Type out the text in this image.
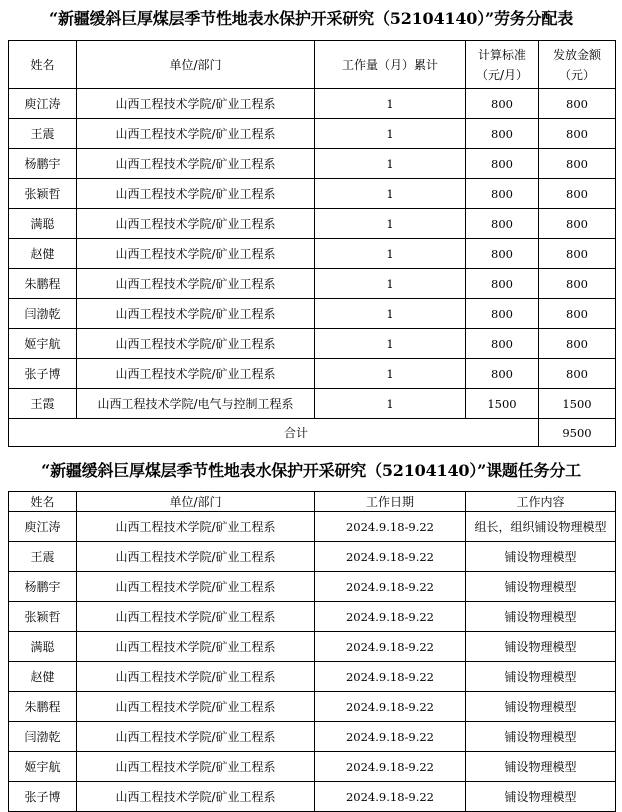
“新疆缓斜巨厚煤层季节性地表水保护开采研究（52104140）”劳务分配表
姓名	单位/部门	工作量（月）累计	计算标准（元/月）	发放金额（元）
庾江涛	山西工程技术学院/矿业工程系	1	800	800
王震	山西工程技术学院/矿业工程系	1	800	800
杨鹏宇	山西工程技术学院/矿业工程系	1	800	800
张颖哲	山西工程技术学院/矿业工程系	1	800	800
满聪	山西工程技术学院/矿业工程系	1	800	800
赵健	山西工程技术学院/矿业工程系	1	800	800
朱鹏程	山西工程技术学院/矿业工程系	1	800	800
闫渤乾	山西工程技术学院/矿业工程系	1	800	800
姬宇航	山西工程技术学院/矿业工程系	1	800	800
张子博	山西工程技术学院/矿业工程系	1	800	800
王霞	山西工程技术学院/电气与控制工程系	1	1500	1500
合计				9500
“新疆缓斜巨厚煤层季节性地表水保护开采研究（52104140）”课题任务分工
姓名	单位/部门	工作日期	工作内容
庾江涛	山西工程技术学院/矿业工程系	2024.9.18-9.22	组长，组织铺设物理模型
王震	山西工程技术学院/矿业工程系	2024.9.18-9.22	铺设物理模型
杨鹏宇	山西工程技术学院/矿业工程系	2024.9.18-9.22	铺设物理模型
张颖哲	山西工程技术学院/矿业工程系	2024.9.18-9.22	铺设物理模型
满聪	山西工程技术学院/矿业工程系	2024.9.18-9.22	铺设物理模型
赵健	山西工程技术学院/矿业工程系	2024.9.18-9.22	铺设物理模型
朱鹏程	山西工程技术学院/矿业工程系	2024.9.18-9.22	铺设物理模型
闫渤乾	山西工程技术学院/矿业工程系	2024.9.18-9.22	铺设物理模型
姬宇航	山西工程技术学院/矿业工程系	2024.9.18-9.22	铺设物理模型
张子博	山西工程技术学院/矿业工程系	2024.9.18-9.22	铺设物理模型
